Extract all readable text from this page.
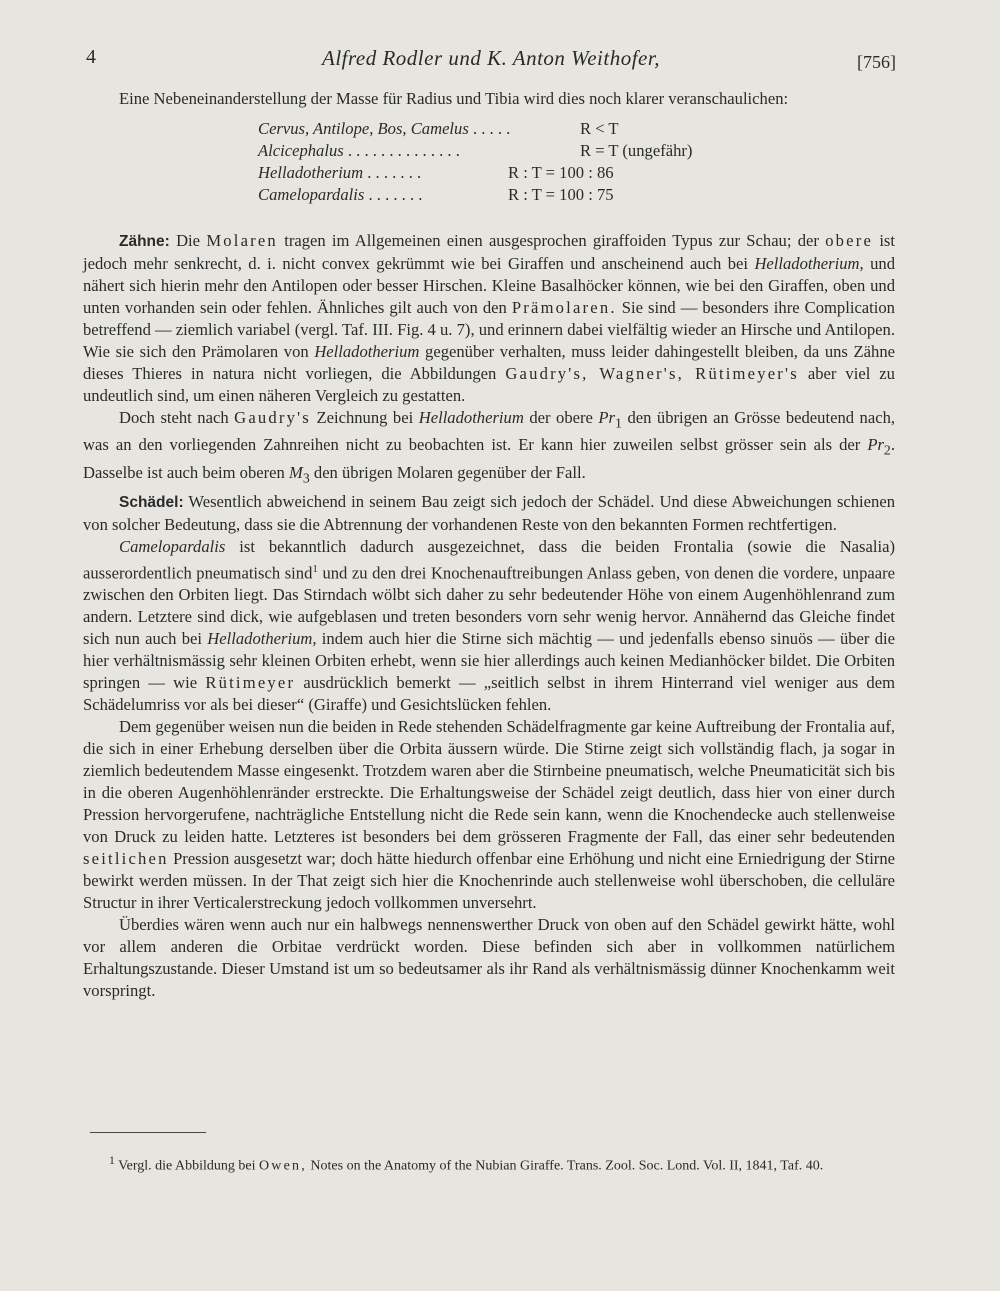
4	Alfred Rodler und K. Anton Weithofer,	[756]

Eine Nebeneinanderstellung der Masse für Radius und Tibia wird dies noch klarer veranschaulichen:

Cervus, Antilope, Bos, Camelus . . . . .	R < T
Alcicephalus . . . . . . . . . . . . . .	R = T (ungefähr)
Helladotherium . . . . . . .	R : T = 100 : 86
Camelopardalis . . . . . . .	R : T = 100 : 75

Zähne: Die Molaren tragen im Allgemeinen einen ausgesprochen giraffoiden Typus zur Schau; der obere ist jedoch mehr senkrecht, d. i. nicht convex gekrümmt wie bei Giraffen und anscheinend auch bei Helladotherium, und nähert sich hierin mehr den Antilopen oder besser Hirschen. Kleine Basalhöcker können, wie bei den Giraffen, oben und unten vorhanden sein oder fehlen. Ähnliches gilt auch von den Prämolaren. Sie sind — besonders ihre Complication betreffend — ziemlich variabel (vergl. Taf. III. Fig. 4 u. 7), und erinnern dabei vielfältig wieder an Hirsche und Antilopen. Wie sie sich den Prämolaren von Helladotherium gegenüber verhalten, muss leider dahingestellt bleiben, da uns Zähne dieses Thieres in natura nicht vorliegen, die Abbildungen Gaudry's, Wagner's, Rütimeyer's aber viel zu undeutlich sind, um einen näheren Vergleich zu gestatten.

Doch steht nach Gaudry's Zeichnung bei Helladotherium der obere $Pr_1$ den übrigen an Grösse bedeutend nach, was an den vorliegenden Zahnreihen nicht zu beobachten ist. Er kann hier zuweilen selbst grösser sein als der $Pr_2$. Dasselbe ist auch beim oberen $M_3$ den übrigen Molaren gegenüber der Fall.

Schädel: Wesentlich abweichend in seinem Bau zeigt sich jedoch der Schädel. Und diese Abweichungen schienen von solcher Bedeutung, dass sie die Abtrennung der vorhandenen Reste von den bekannten Formen rechtfertigen.

Camelopardalis ist bekanntlich dadurch ausgezeichnet, dass die beiden Frontalia (sowie die Nasalia) ausserordentlich pneumatisch sind$^1$ und zu den drei Knochenauftreibungen Anlass geben, von denen die vordere, unpaare zwischen den Orbiten liegt. Das Stirndach wölbt sich daher zu sehr bedeutender Höhe von einem Augenhöhlenrand zum andern. Letztere sind dick, wie aufgeblasen und treten besonders vorn sehr wenig hervor. Annähernd das Gleiche findet sich nun auch bei Helladotherium, indem auch hier die Stirne sich mächtig — und jedenfalls ebenso sinuös — über die hier verhältnismässig sehr kleinen Orbiten erhebt, wenn sie hier allerdings auch keinen Medianhöcker bildet. Die Orbiten springen — wie Rütimeyer ausdrücklich bemerkt — „seitlich selbst in ihrem Hinterrand viel weniger aus dem Schädelumriss vor als bei dieser“ (Giraffe) und Gesichtslücken fehlen.

Dem gegenüber weisen nun die beiden in Rede stehenden Schädelfragmente gar keine Auftreibung der Frontalia auf, die sich in einer Erhebung derselben über die Orbita äussern würde. Die Stirne zeigt sich vollständig flach, ja sogar in ziemlich bedeutendem Masse eingesenkt. Trotzdem waren aber die Stirnbeine pneumatisch, welche Pneumaticität sich bis in die oberen Augenhöhlenränder erstreckte. Die Erhaltungsweise der Schädel zeigt deutlich, dass hier von einer durch Pression hervorgerufene, nachträgliche Entstellung nicht die Rede sein kann, wenn die Knochendecke auch stellenweise von Druck zu leiden hatte. Letzteres ist besonders bei dem grösseren Fragmente der Fall, das einer sehr bedeutenden seitlichen Pression ausgesetzt war; doch hätte hiedurch offenbar eine Erhöhung und nicht eine Erniedrigung der Stirne bewirkt werden müssen. In der That zeigt sich hier die Knochenrinde auch stellenweise wohl überschoben, die celluläre Structur in ihrer Verticalerstreckung jedoch vollkommen unversehrt.

Überdies wären wenn auch nur ein halbwegs nennenswerther Druck von oben auf den Schädel gewirkt hätte, wohl vor allem anderen die Orbitae verdrückt worden. Diese befinden sich aber in vollkommen natürlichem Erhaltungszustande. Dieser Umstand ist um so bedeutsamer als ihr Rand als verhältnismässig dünner Knochenkamm weit vorspringt.

$^1$ Vergl. die Abbildung bei Owen, Notes on the Anatomy of the Nubian Giraffe. Trans. Zool. Soc. Lond. Vol. II, 1841, Taf. 40.
